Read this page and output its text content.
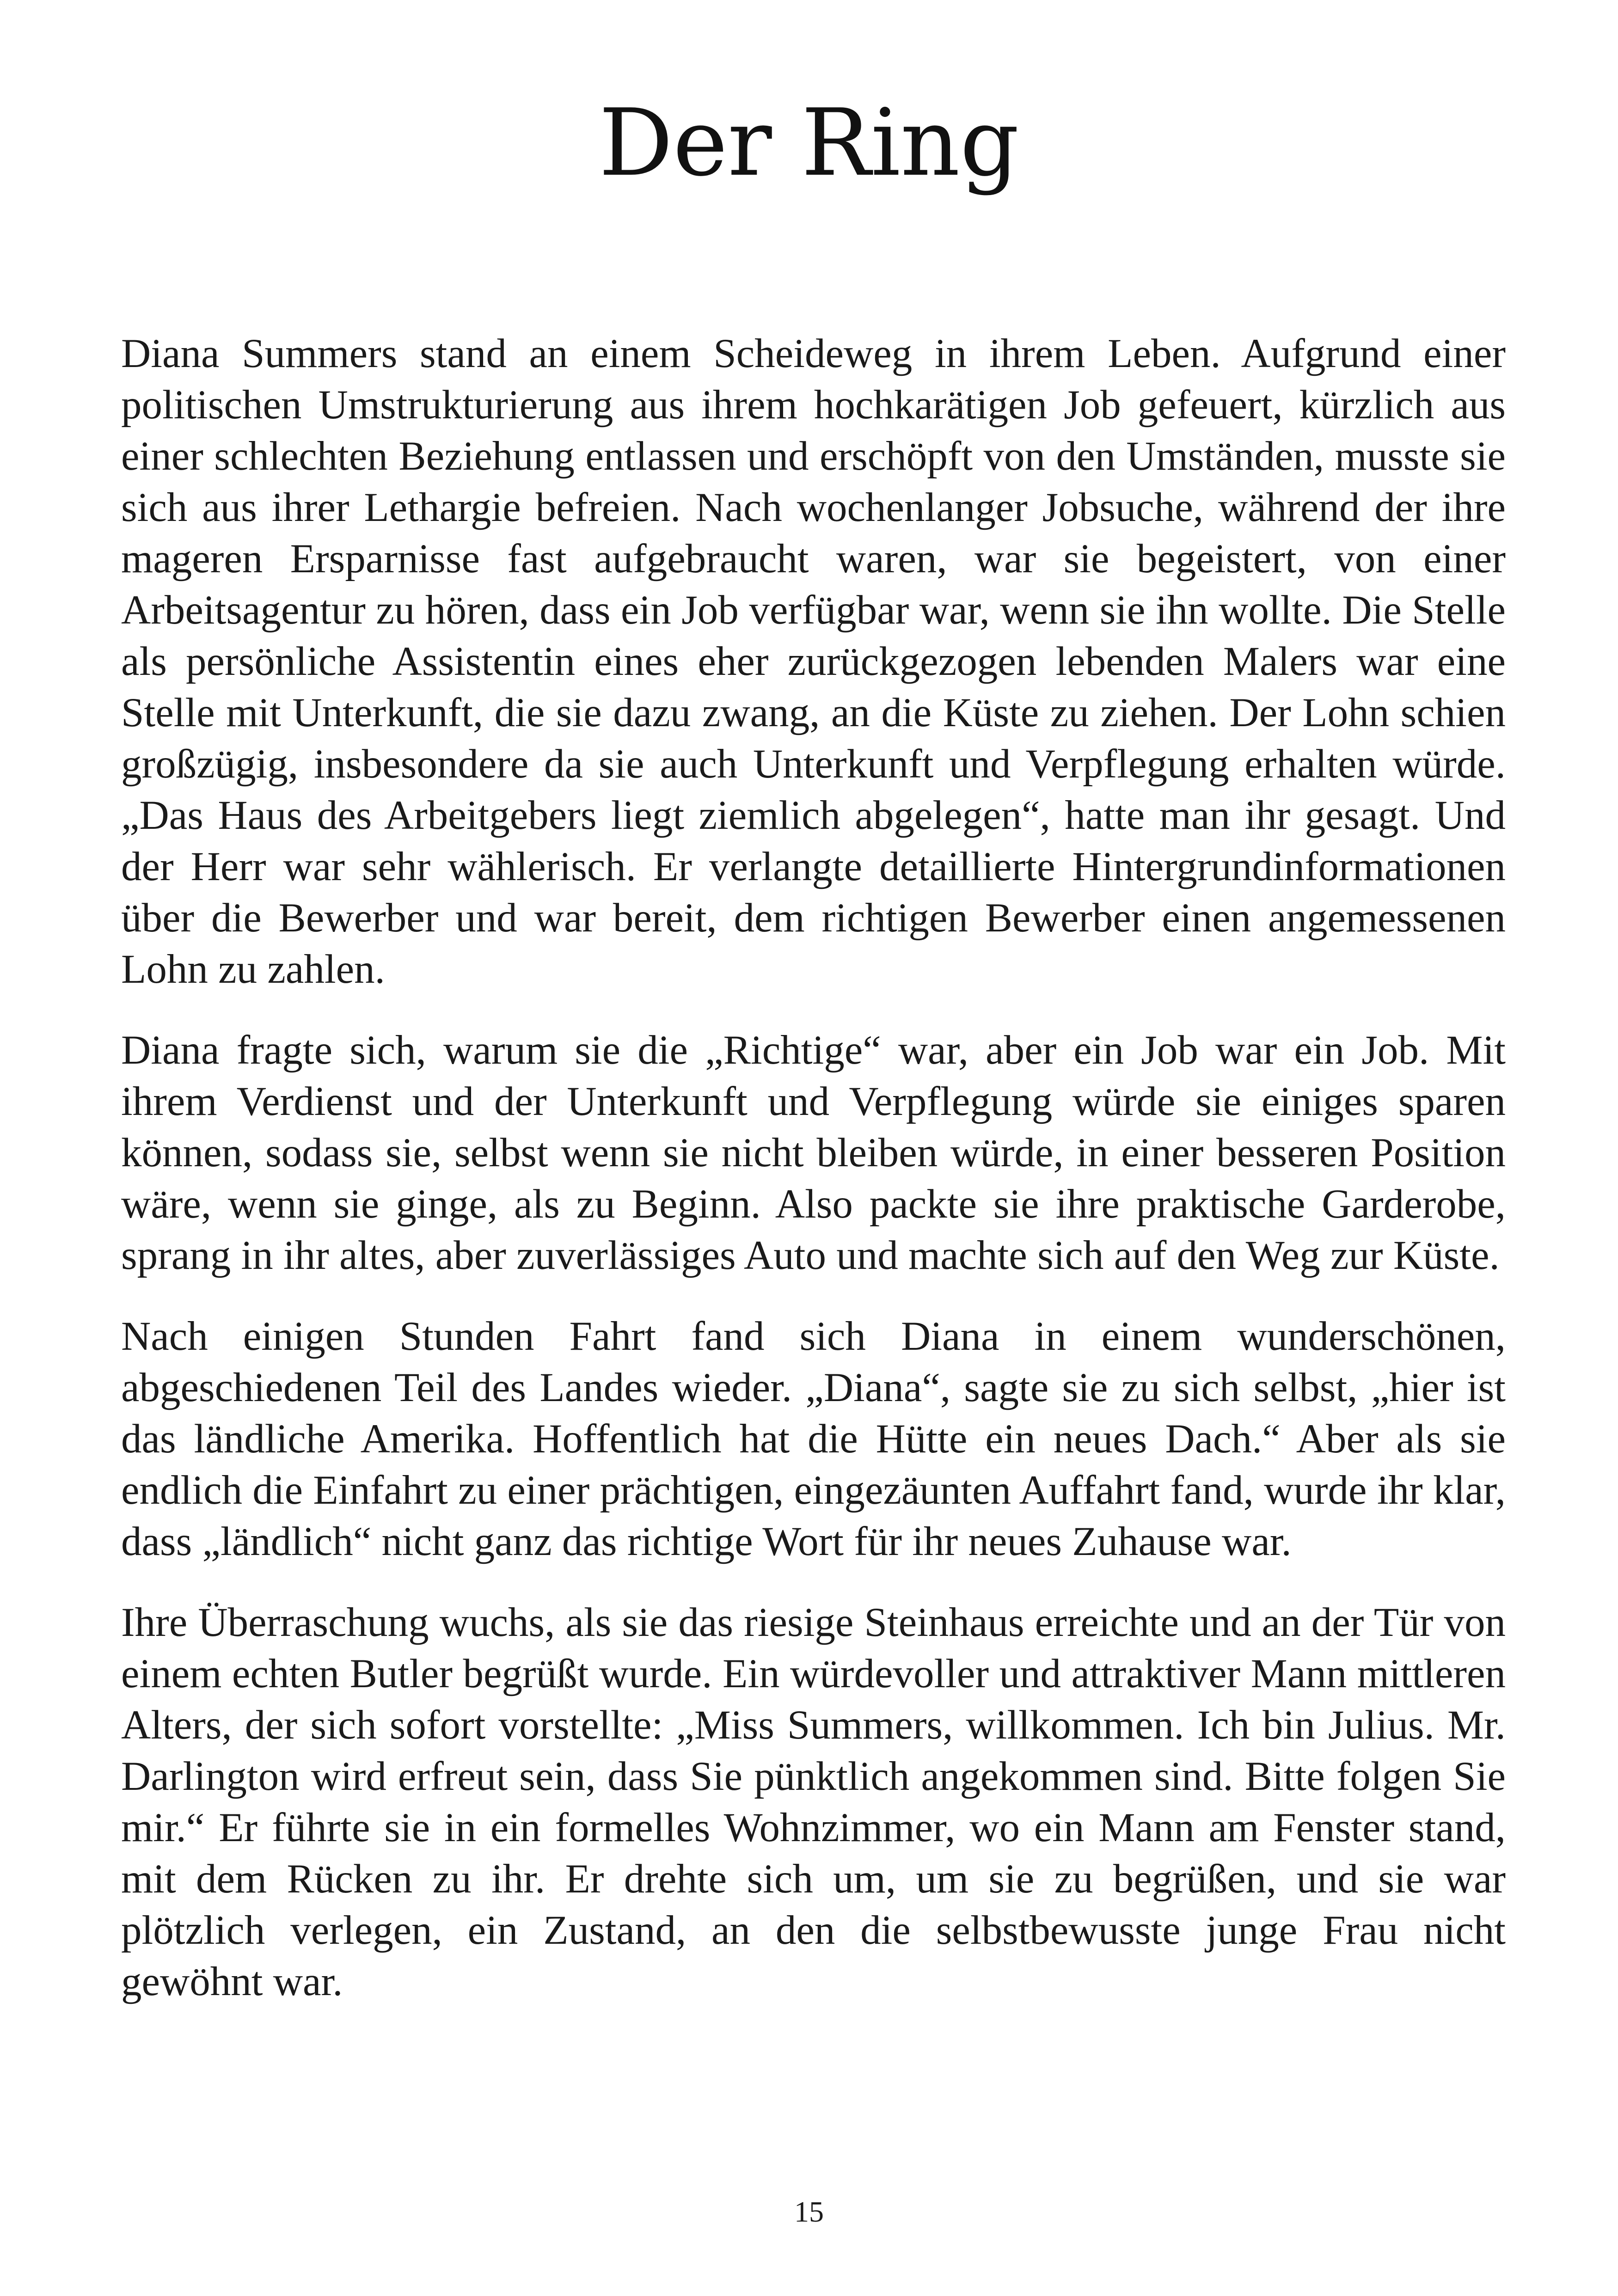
Der Ring

Diana Summers stand an einem Scheideweg in ihrem Leben. Aufgrund einer politischen Umstrukturierung aus ihrem hochkarätigen Job gefeuert, kürzlich aus einer schlechten Beziehung entlassen und erschöpft von den Umständen, musste sie sich aus ihrer Lethargie befreien. Nach wochenlanger Jobsuche, während der ihre mageren Ersparnisse fast aufgebraucht waren, war sie begeistert, von einer Arbeitsagentur zu hören, dass ein Job verfügbar war, wenn sie ihn wollte. Die Stelle als persönliche Assistentin eines eher zurückgezogen lebenden Malers war eine Stelle mit Unterkunft, die sie dazu zwang, an die Küste zu ziehen. Der Lohn schien großzügig, insbesondere da sie auch Unterkunft und Verpflegung erhalten würde. „Das Haus des Arbeitgebers liegt ziemlich abgelegen“, hatte man ihr gesagt. Und der Herr war sehr wählerisch. Er verlangte detaillierte Hintergrundinformationen über die Bewerber und war bereit, dem richtigen Bewerber einen angemessenen Lohn zu zahlen.

Diana fragte sich, warum sie die „Richtige“ war, aber ein Job war ein Job. Mit ihrem Verdienst und der Unterkunft und Verpflegung würde sie einiges sparen können, sodass sie, selbst wenn sie nicht bleiben würde, in einer besseren Position wäre, wenn sie ginge, als zu Beginn. Also packte sie ihre praktische Garderobe, sprang in ihr altes, aber zuverlässiges Auto und machte sich auf den Weg zur Küste.

Nach einigen Stunden Fahrt fand sich Diana in einem wunderschönen, abgeschiedenen Teil des Landes wieder. „Diana“, sagte sie zu sich selbst, „hier ist das ländliche Amerika. Hoffentlich hat die Hütte ein neues Dach.“ Aber als sie endlich die Einfahrt zu einer prächtigen, eingezäunten Auffahrt fand, wurde ihr klar, dass „ländlich“ nicht ganz das richtige Wort für ihr neues Zuhause war.

Ihre Überraschung wuchs, als sie das riesige Steinhaus erreichte und an der Tür von einem echten Butler begrüßt wurde. Ein würdevoller und attraktiver Mann mittleren Alters, der sich sofort vorstellte: „Miss Summers, willkommen. Ich bin Julius. Mr. Darlington wird erfreut sein, dass Sie pünktlich angekommen sind. Bitte folgen Sie mir.“ Er führte sie in ein formelles Wohnzimmer, wo ein Mann am Fenster stand, mit dem Rücken zu ihr. Er drehte sich um, um sie zu begrüßen, und sie war plötzlich verlegen, ein Zustand, an den die selbstbewusste junge Frau nicht gewöhnt war.

15
